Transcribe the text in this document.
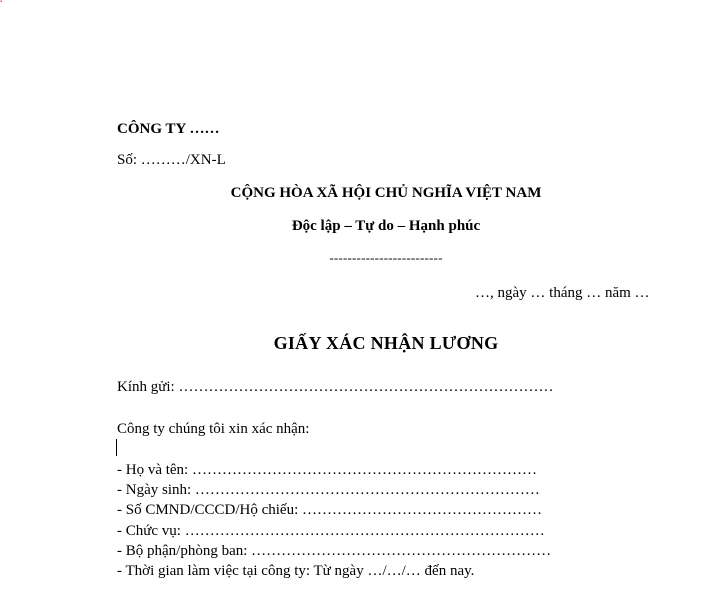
▪
CÔNG TY ……
Số: ………/XN-L
CỘNG HÒA XÃ HỘI CHỦ NGHĨA VIỆT NAM
Độc lập – Tự do – Hạnh phúc
-------------------------
…, ngày … tháng … năm …
GIẤY XÁC NHẬN LƯƠNG
Kính gửi: …………………………………………………………………
Công ty chúng tôi xin xác nhận:
- Họ và tên: ……………………………………………………………
- Ngày sinh: ……………………………………………………………
- Số CMND/CCCD/Hộ chiếu: …………………………………………
- Chức vụ: ………………………………………………………………
- Bộ phận/phòng ban: ……………………………………………………
- Thời gian làm việc tại công ty: Từ ngày …/…/… đến nay.
